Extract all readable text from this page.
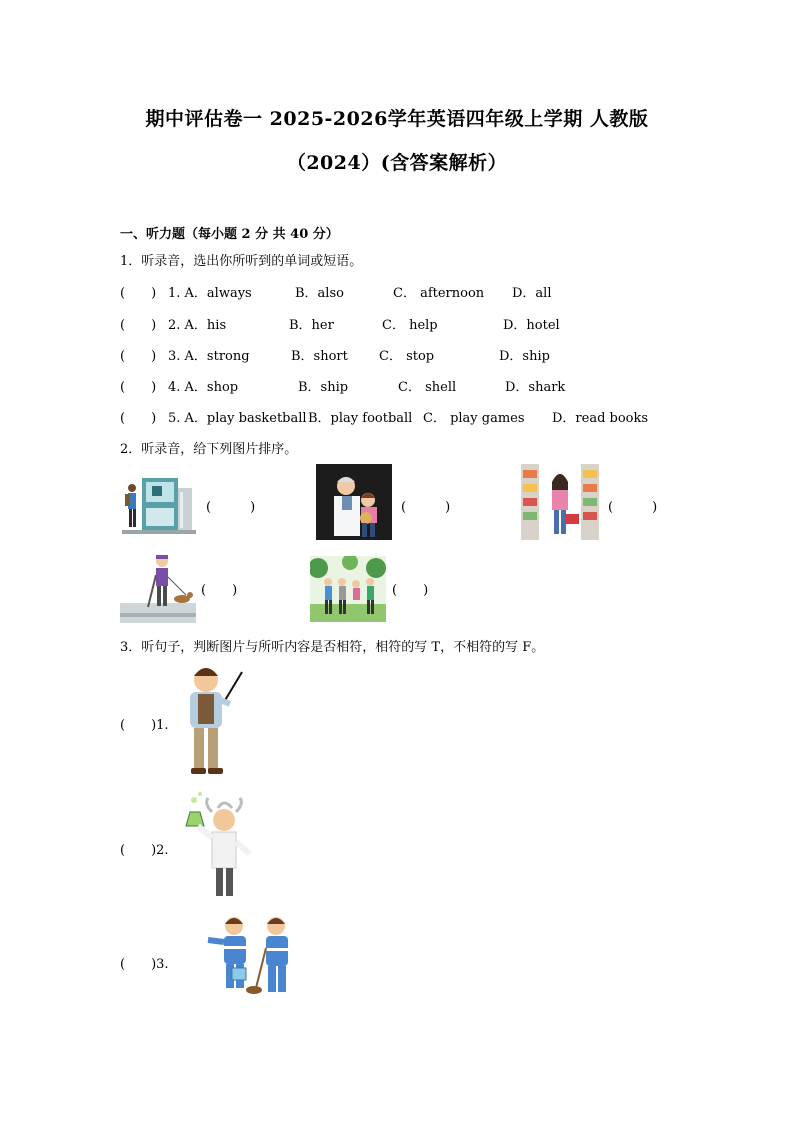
期中评估卷一 2025-2026学年英语四年级上学期 人教版
（2024）(含答案解析）
一、听力题（每小题 2 分 共 40 分）
1．听录音，选出你所听到的单词或短语。
(　　) 1. A．always	B．also	C． afternoon D．all
(　　) 2. A．his	B．her	C． help	D．hotel
(　　) 3. A．strong	B．short C． stop	D．ship
(　　) 4. A．shop	B．ship	C． shell	D．shark
(　　) 5. A．play basketball B．play football C． play games D．read books
2．听录音，给下列图片排序。
(　　　)	(　　　)	(　　　)
(　　)	(　　)
3．听句子，判断图片与所听内容是否相符，相符的写 T，不相符的写 F。
(　　)1.
(　　)2.
(　　)3.
